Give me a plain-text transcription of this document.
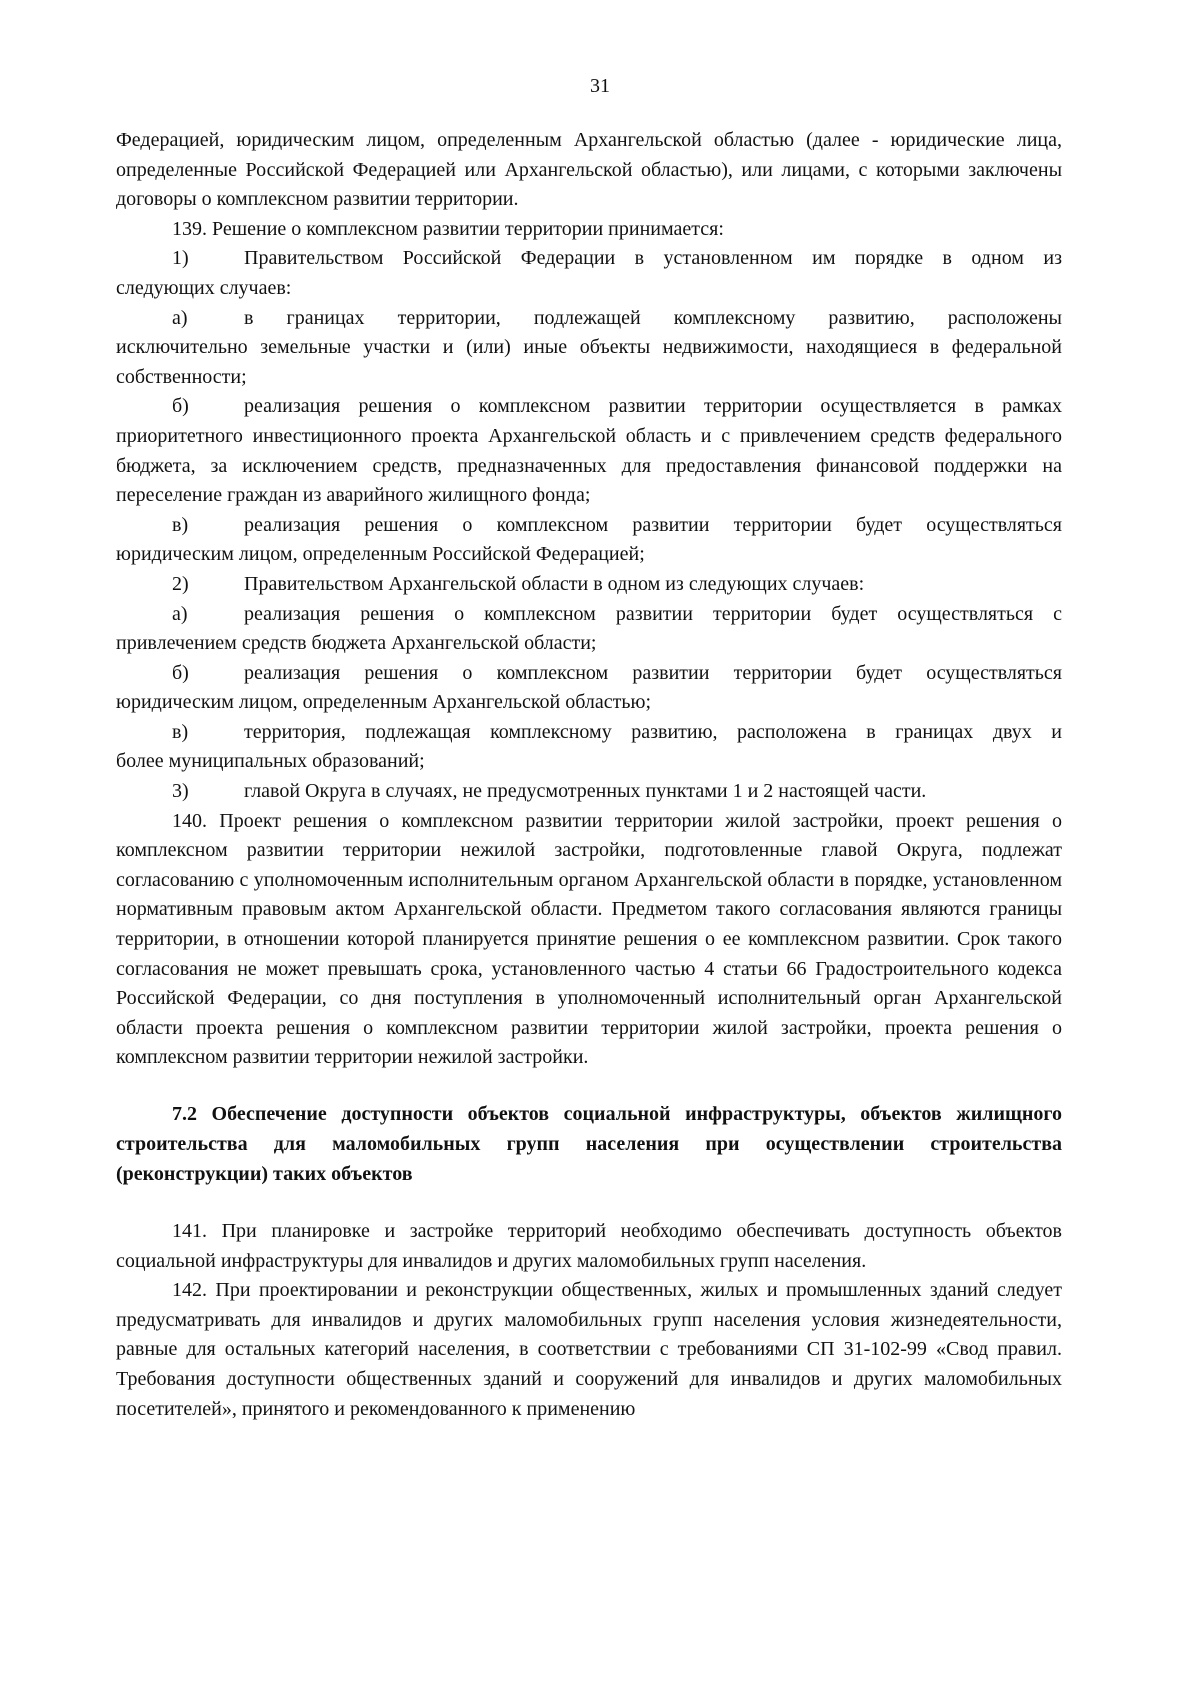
31

Федерацией, юридическим лицом, определенным Архангельской областью (далее - юридические лица, определенные Российской Федерацией или Архангельской областью), или лицами, с которыми заключены договоры о комплексном развитии территории.

139. Решение о комплексном развитии территории принимается:

1)	Правительством Российской Федерации в установленном им порядке в одном из
следующих случаев:
а)	в границах территории, подлежащей комплексному развитию, расположены
исключительно земельные участки и (или) иные объекты недвижимости, находящиеся в федеральной собственности;
б)	реализация решения о комплексном развитии территории осуществляется в рамках
приоритетного инвестиционного проекта Архангельской область и с привлечением средств федерального бюджета, за исключением средств, предназначенных для предоставления финансовой поддержки на переселение граждан из аварийного жилищного фонда;
в)	реализация решения о комплексном развитии территории будет осуществляться
юридическим лицом, определенным Российской Федерацией;
2)	Правительством Архангельской области в одном из следующих случаев:
а)	реализация решения о комплексном развитии территории будет осуществляться с
привлечением средств бюджета Архангельской области;
б)	реализация решения о комплексном развитии территории будет осуществляться
юридическим лицом, определенным Архангельской областью;
в)	территория, подлежащая комплексному развитию, расположена в границах двух и
более муниципальных образований;
3)	главой Округа в случаях, не предусмотренных пунктами 1 и 2 настоящей части.

140. Проект решения о комплексном развитии территории жилой застройки, проект решения о комплексном развитии территории нежилой застройки, подготовленные главой Округа, подлежат согласованию с уполномоченным исполнительным органом Архангельской области в порядке, установленном нормативным правовым актом Архангельской области. Предметом такого согласования являются границы территории, в отношении которой планируется принятие решения о ее комплексном развитии. Срок такого согласования не может превышать срока, установленного частью 4 статьи 66 Градостроительного кодекса Российской Федерации, со дня поступления в уполномоченный исполнительный орган Архангельской области проекта решения о комплексном развитии территории жилой застройки, проекта решения о комплексном развитии территории нежилой застройки.

7.2 Обеспечение доступности объектов социальной инфраструктуры, объектов жилищного строительства для маломобильных групп населения при осуществлении строительства (реконструкции) таких объектов

141. При планировке и застройке территорий необходимо обеспечивать доступность объектов социальной инфраструктуры для инвалидов и других маломобильных групп населения.

142. При проектировании и реконструкции общественных, жилых и промышленных зданий следует предусматривать для инвалидов и других маломобильных групп населения условия жизнедеятельности, равные для остальных категорий населения, в соответствии с требованиями СП 31-102-99 «Свод правил. Требования доступности общественных зданий и сооружений для инвалидов и других маломобильных посетителей», принятого и рекомендованного к применению
